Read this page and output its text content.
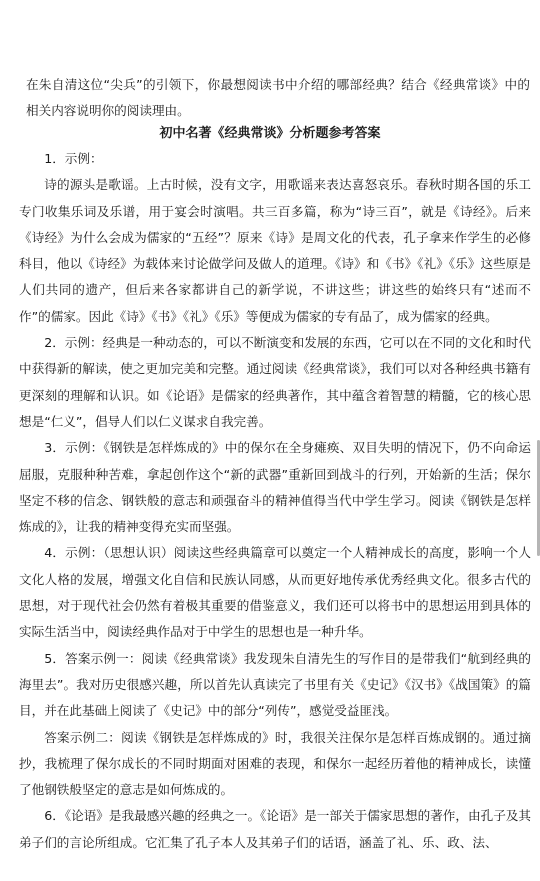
在朱自清这位“尖兵”的引领下，你最想阅读书中介绍的哪部经典？结合《经典常谈》中的相关内容说明你的阅读理由。

初中名著《经典常谈》分析题参考答案

1．示例：

诗的源头是歌谣。上古时候，没有文字，用歌谣来表达喜怒哀乐。春秋时期各国的乐工专门收集乐词及乐谱，用于宴会时演唱。共三百多篇，称为“诗三百”，就是《诗经》。后来《诗经》为什么会成为儒家的“五经”？原来《诗》是周文化的代表，孔子拿来作学生的必修科目，他以《诗经》为载体来讨论做学问及做人的道理。《诗》和《书》《礼》《乐》这些原是人们共同的遗产，但后来各家都讲自己的新学说，不讲这些；讲这些的始终只有“述而不作”的儒家。因此《诗》《书》《礼》《乐》等便成为儒家的专有品了，成为儒家的经典。

2．示例：经典是一种动态的，可以不断演变和发展的东西，它可以在不同的文化和时代中获得新的解读，使之更加完美和完整。通过阅读《经典常谈》，我们可以对各种经典书籍有更深刻的理解和认识。如《论语》是儒家的经典著作，其中蕴含着智慧的精髓，它的核心思想是“仁义”，倡导人们以仁义谋求自我完善。

3．示例：《钢铁是怎样炼成的》中的保尔在全身瘫痪、双目失明的情况下，仍不向命运屈服，克服种种苦难，拿起创作这个“新的武器”重新回到战斗的行列，开始新的生活；保尔坚定不移的信念、钢铁般的意志和顽强奋斗的精神值得当代中学生学习。阅读《钢铁是怎样炼成的》，让我的精神变得充实而坚强。

4．示例：（思想认识）阅读这些经典篇章可以奠定一个人精神成长的高度，影响一个人文化人格的发展，增强文化自信和民族认同感，从而更好地传承优秀经典文化。很多古代的思想，对于现代社会仍然有着极其重要的借鉴意义，我们还可以将书中的思想运用到具体的实际生活当中，阅读经典作品对于中学生的思想也是一种升华。

5．答案示例一：阅读《经典常谈》我发现朱自清先生的写作目的是带我们“航到经典的海里去”。我对历史很感兴趣，所以首先认真读完了书里有关《史记》《汉书》《战国策》的篇目，并在此基础上阅读了《史记》中的部分“列传”，感觉受益匪浅。

答案示例二：阅读《钢铁是怎样炼成的》时，我很关注保尔是怎样百炼成钢的。通过摘抄，我梳理了保尔成长的不同时期面对困难的表现，和保尔一起经历着他的精神成长，读懂了他钢铁般坚定的意志是如何炼成的。

6．《论语》是我最感兴趣的经典之一。《论语》是一部关于儒家思想的著作，由孔子及其弟子们的言论所组成。它汇集了孔子本人及其弟子们的话语，涵盖了礼、乐、政、法、
